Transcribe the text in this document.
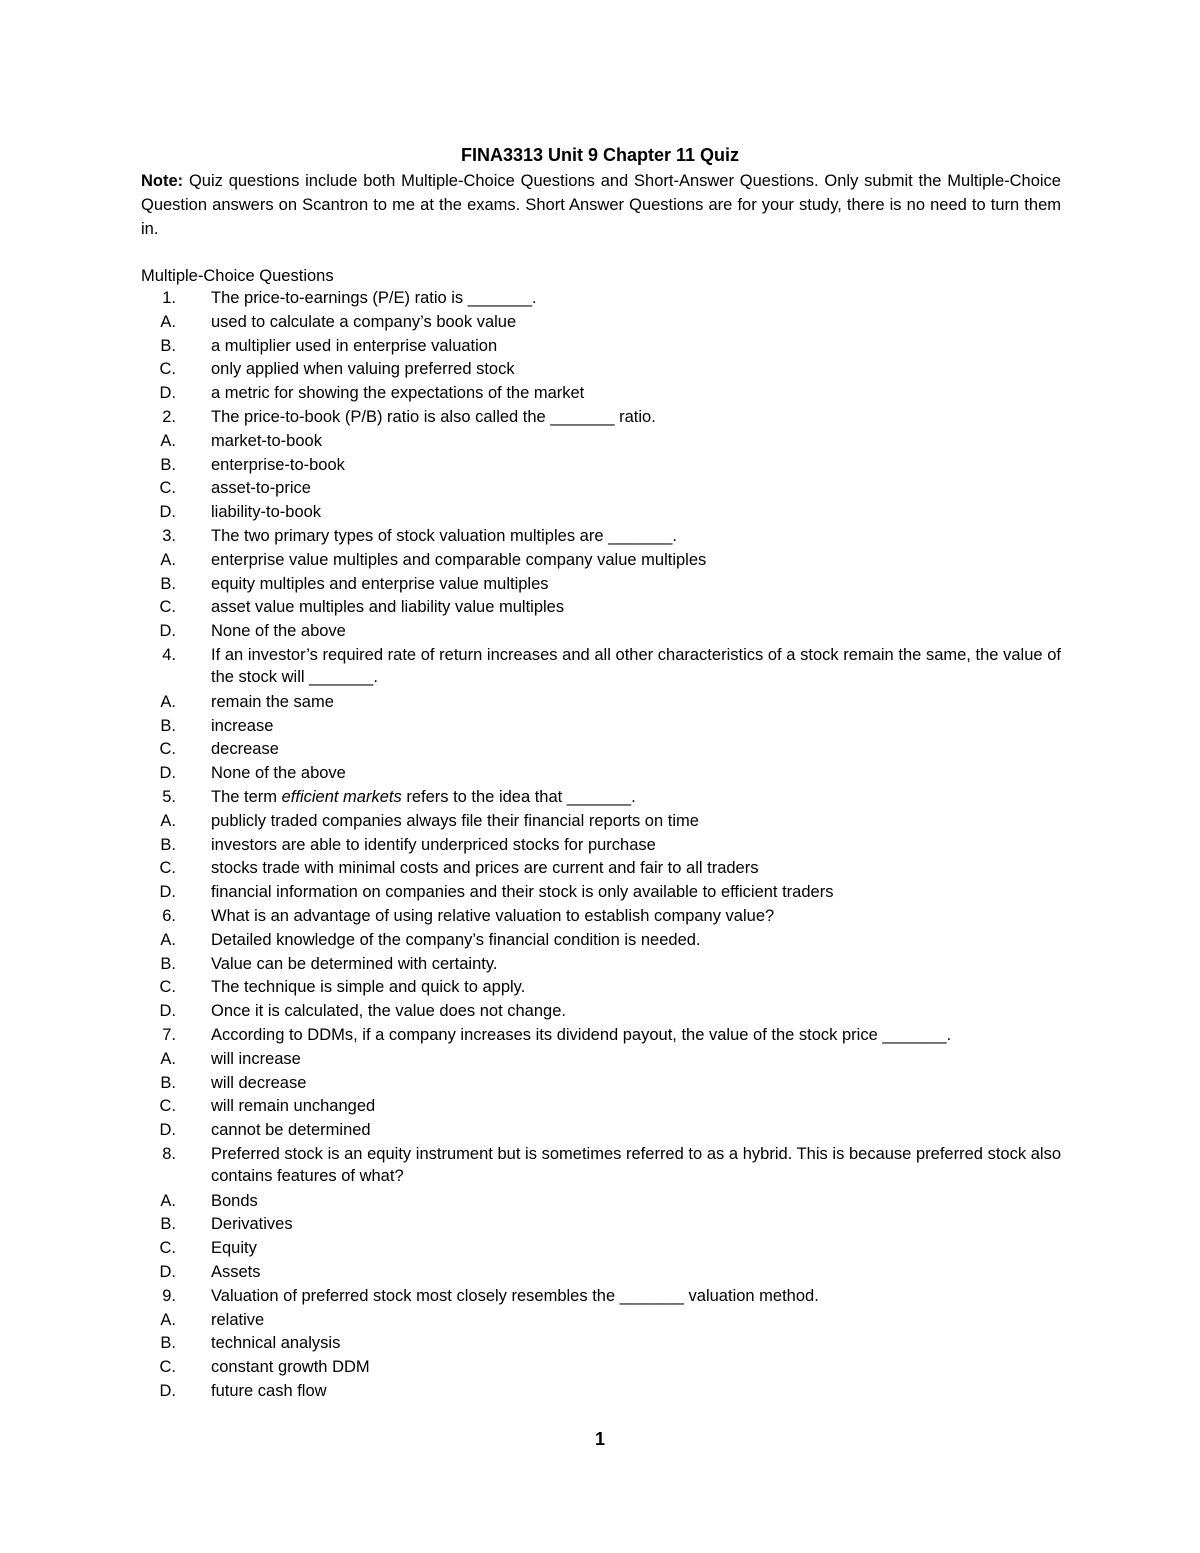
FINA3313 Unit 9 Chapter 11 Quiz
Note: Quiz questions include both Multiple-Choice Questions and Short-Answer Questions. Only submit the Multiple-Choice Question answers on Scantron to me at the exams. Short Answer Questions are for your study, there is no need to turn them in.
Multiple-Choice Questions
1.	The price-to-earnings (P/E) ratio is _______.
A.	used to calculate a company’s book value
B.	a multiplier used in enterprise valuation
C.	only applied when valuing preferred stock
D.	a metric for showing the expectations of the market
2.	The price-to-book (P/B) ratio is also called the _______ ratio.
A.	market-to-book
B.	enterprise-to-book
C.	asset-to-price
D.	liability-to-book
3.	The two primary types of stock valuation multiples are _______.
A.	enterprise value multiples and comparable company value multiples
B.	equity multiples and enterprise value multiples
C.	asset value multiples and liability value multiples
D.	None of the above
4.	If an investor’s required rate of return increases and all other characteristics of a stock remain the same, the value of the stock will _______.
A.	remain the same
B.	increase
C.	decrease
D.	None of the above
5.	The term efficient markets refers to the idea that _______.
A.	publicly traded companies always file their financial reports on time
B.	investors are able to identify underpriced stocks for purchase
C.	stocks trade with minimal costs and prices are current and fair to all traders
D.	financial information on companies and their stock is only available to efficient traders
6.	What is an advantage of using relative valuation to establish company value?
A.	Detailed knowledge of the company’s financial condition is needed.
B.	Value can be determined with certainty.
C.	The technique is simple and quick to apply.
D.	Once it is calculated, the value does not change.
7.	According to DDMs, if a company increases its dividend payout, the value of the stock price _______.
A.	will increase
B.	will decrease
C.	will remain unchanged
D.	cannot be determined
8.	Preferred stock is an equity instrument but is sometimes referred to as a hybrid. This is because preferred stock also contains features of what?
A.	Bonds
B.	Derivatives
C.	Equity
D.	Assets
9.	Valuation of preferred stock most closely resembles the _______ valuation method.
A.	relative
B.	technical analysis
C.	constant growth DDM
D.	future cash flow
1
